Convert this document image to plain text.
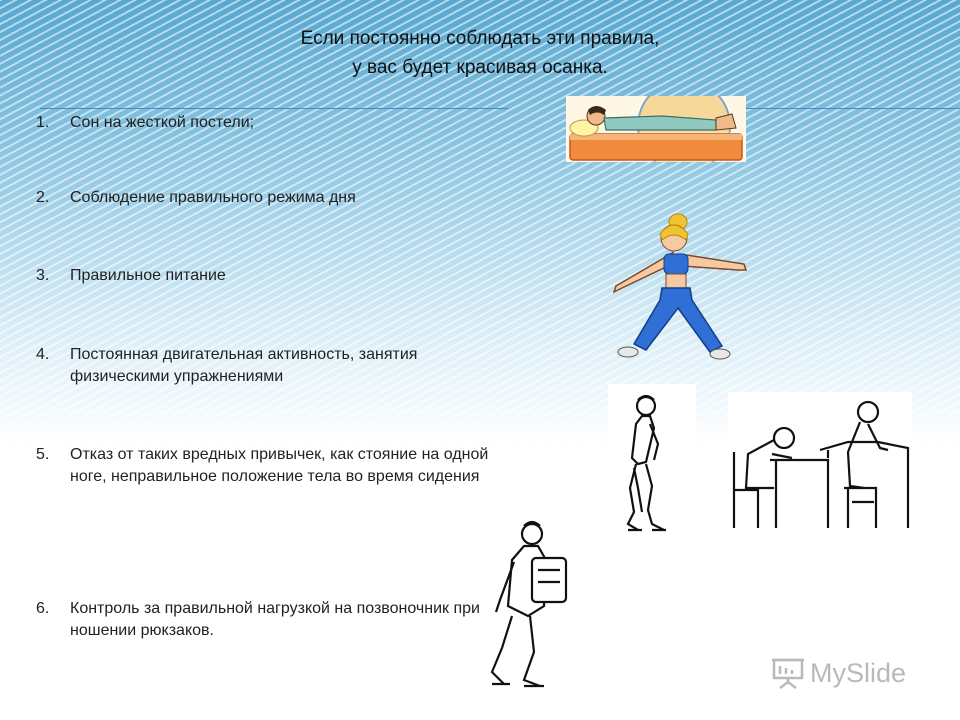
Если постоянно соблюдать эти правила,
у вас будет красивая осанка.
1.	Сон на жесткой постели;
2.	Соблюдение правильного режима дня
3.	Правильное питание
4.	Постоянная двигательная активность, занятия физическими упражнениями
5.	Отказ от таких вредных привычек, как стояние на одной ноге, неправильное положение тела во время сидения
6.	Контроль за правильной нагрузкой на позвоночник при ношении рюкзаков.
MySlide
